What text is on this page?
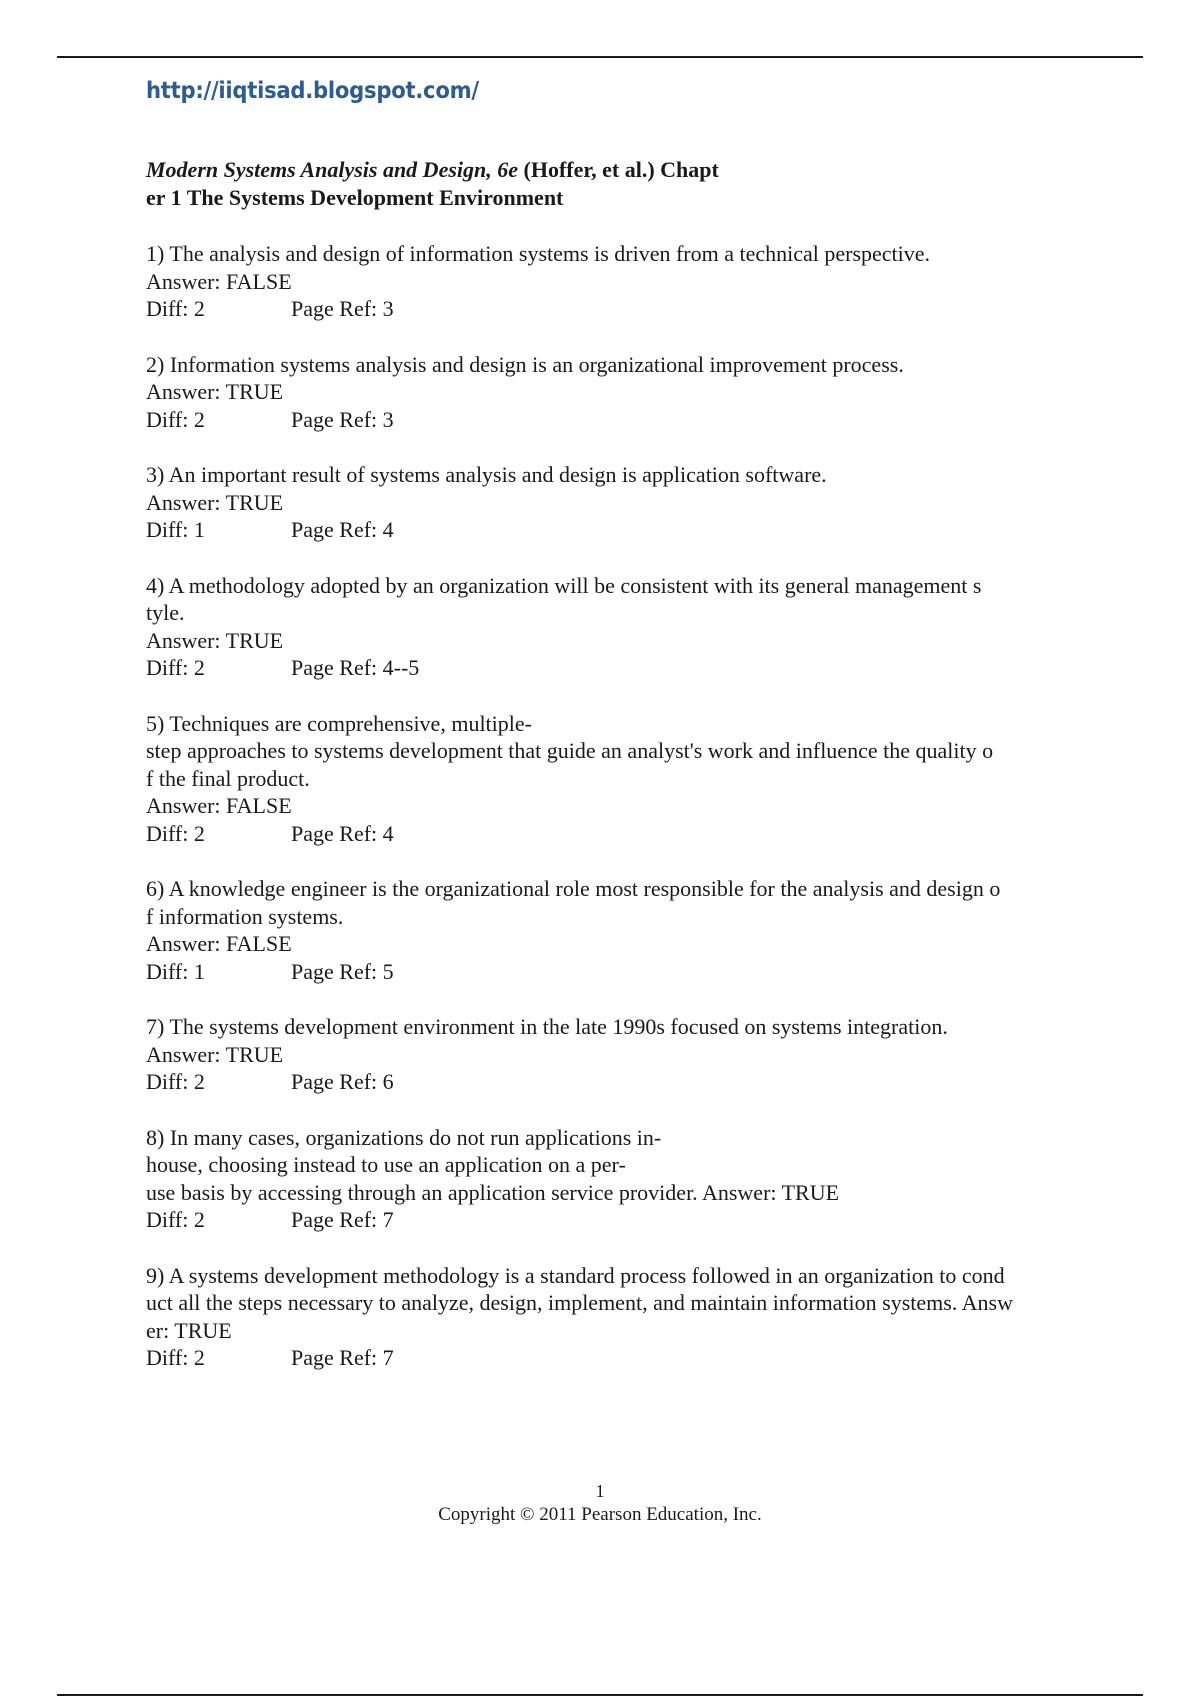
http://iiqtisad.blogspot.com/
Modern Systems Analysis and Design, 6e (Hoffer, et al.) Chapt
er 1 The Systems Development Environment
1) The analysis and design of information systems is driven from a technical perspective.
Answer: FALSE
Diff: 2	Page Ref: 3
2) Information systems analysis and design is an organizational improvement process.
Answer: TRUE
Diff: 2	Page Ref: 3
3) An important result of systems analysis and design is application software.
Answer: TRUE
Diff: 1	Page Ref: 4
4) A methodology adopted by an organization will be consistent with its general management s
tyle.
Answer: TRUE
Diff: 2	Page Ref: 4--5
5) Techniques are comprehensive, multiple-
step approaches to systems development that guide an analyst's work and influence the quality o
f the final product.
Answer: FALSE
Diff: 2	Page Ref: 4
6) A knowledge engineer is the organizational role most responsible for the analysis and design o
f information systems.
Answer: FALSE
Diff: 1	Page Ref: 5
7) The systems development environment in the late 1990s focused on systems integration.
Answer: TRUE
Diff: 2	Page Ref: 6
8) In many cases, organizations do not run applications in-
house, choosing instead to use an application on a per-
use basis by accessing through an application service provider. Answer: TRUE
Diff: 2	Page Ref: 7
9) A systems development methodology is a standard process followed in an organization to cond
uct all the steps necessary to analyze, design, implement, and maintain information systems. Answ
er: TRUE
Diff: 2	Page Ref: 7
1
Copyright © 2011 Pearson Education, Inc.
